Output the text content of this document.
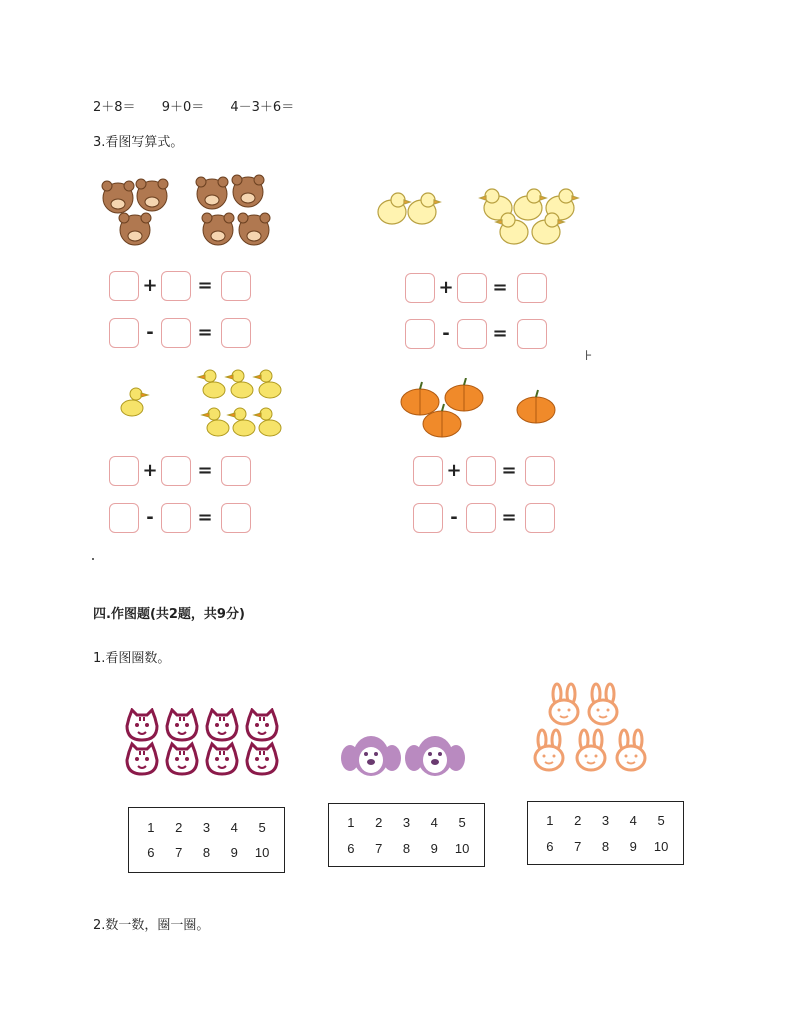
2＋8＝ 9＋0＝ 4－3＋6＝
3.看图写算式。
+ =
- =
+ =
- =
⊦
+ =
- =
+ =
- =
四.作图题(共2题，共9分)
1.看图圈数。
1	2	3	4	5
6	7	8	9	10
1	2	3	4	5
6	7	8	9	10
1	2	3	4	5
6	7	8	9	10
2.数一数，圈一圈。
